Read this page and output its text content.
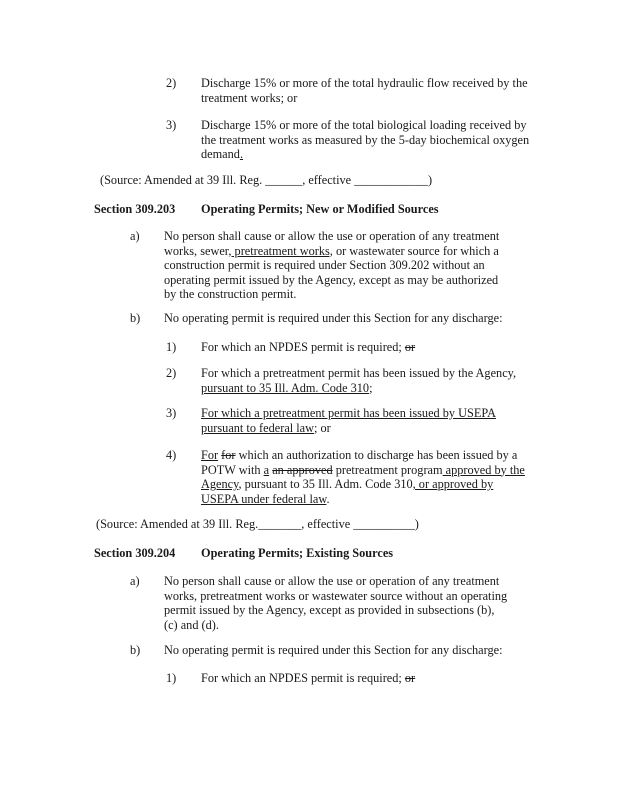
2) Discharge 15% or more of the total hydraulic flow received by the treatment works; or
3) Discharge 15% or more of the total biological loading received by the treatment works as measured by the 5-day biochemical oxygen demand.
(Source: Amended at 39 Ill. Reg. ______, effective ____________)
Section 309.203 Operating Permits; New or Modified Sources
a) No person shall cause or allow the use or operation of any treatment works, sewer, pretreatment works, or wastewater source for which a construction permit is required under Section 309.202 without an operating permit issued by the Agency, except as may be authorized by the construction permit.
b) No operating permit is required under this Section for any discharge:
1) For which an NPDES permit is required; or
2) For which a pretreatment permit has been issued by the Agency, pursuant to 35 Ill. Adm. Code 310;
3) For which a pretreatment permit has been issued by USEPA pursuant to federal law; or
4) For for which an authorization to discharge has been issued by a POTW with a an approved pretreatment program approved by the Agency, pursuant to 35 Ill. Adm. Code 310, or approved by USEPA under federal law.
(Source: Amended at 39 Ill. Reg._______, effective __________)
Section 309.204 Operating Permits; Existing Sources
a) No person shall cause or allow the use or operation of any treatment works, pretreatment works or wastewater source without an operating permit issued by the Agency, except as provided in subsections (b), (c) and (d).
b) No operating permit is required under this Section for any discharge:
1) For which an NPDES permit is required; or
